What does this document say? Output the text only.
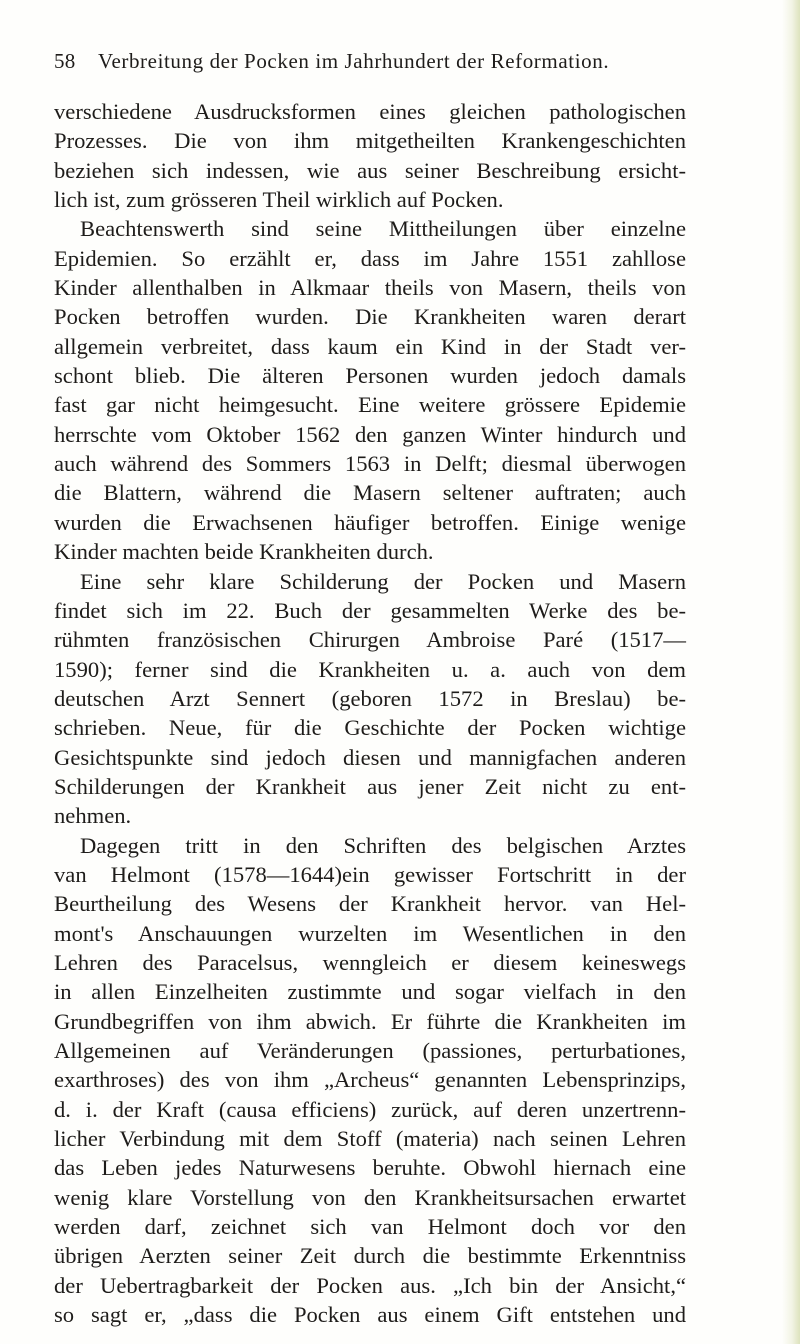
58 Verbreitung der Pocken im Jahrhundert der Reformation.
verschiedene Ausdrucksformen eines gleichen pathologischen
Prozesses. Die von ihm mitgetheilten Krankengeschichten
beziehen sich indessen, wie aus seiner Beschreibung ersicht-
lich ist, zum grösseren Theil wirklich auf Pocken.
Beachtenswerth sind seine Mittheilungen über einzelne
Epidemien. So erzählt er, dass im Jahre 1551 zahllose
Kinder allenthalben in Alkmaar theils von Masern, theils von
Pocken betroffen wurden. Die Krankheiten waren derart
allgemein verbreitet, dass kaum ein Kind in der Stadt ver-
schont blieb. Die älteren Personen wurden jedoch damals
fast gar nicht heimgesucht. Eine weitere grössere Epidemie
herrschte vom Oktober 1562 den ganzen Winter hindurch und
auch während des Sommers 1563 in Delft; diesmal überwogen
die Blattern, während die Masern seltener auftraten; auch
wurden die Erwachsenen häufiger betroffen. Einige wenige
Kinder machten beide Krankheiten durch.
Eine sehr klare Schilderung der Pocken und Masern
findet sich im 22. Buch der gesammelten Werke des be-
rühmten französischen Chirurgen Ambroise Paré (1517—
1590); ferner sind die Krankheiten u. a. auch von dem
deutschen Arzt Sennert (geboren 1572 in Breslau) be-
schrieben. Neue, für die Geschichte der Pocken wichtige
Gesichtspunkte sind jedoch diesen und mannigfachen anderen
Schilderungen der Krankheit aus jener Zeit nicht zu ent-
nehmen.
Dagegen tritt in den Schriften des belgischen Arztes
van Helmont (1578—1644)ein gewisser Fortschritt in der
Beurtheilung des Wesens der Krankheit hervor. van Hel-
mont's Anschauungen wurzelten im Wesentlichen in den
Lehren des Paracelsus, wenngleich er diesem keineswegs
in allen Einzelheiten zustimmte und sogar vielfach in den
Grundbegriffen von ihm abwich. Er führte die Krankheiten im
Allgemeinen auf Veränderungen (passiones, perturbationes,
exarthroses) des von ihm „Archeus“ genannten Lebensprinzips,
d. i. der Kraft (causa efficiens) zurück, auf deren unzertrenn-
licher Verbindung mit dem Stoff (materia) nach seinen Lehren
das Leben jedes Naturwesens beruhte. Obwohl hiernach eine
wenig klare Vorstellung von den Krankheitsursachen erwartet
werden darf, zeichnet sich van Helmont doch vor den
übrigen Aerzten seiner Zeit durch die bestimmte Erkenntniss
der Uebertragbarkeit der Pocken aus. „Ich bin der Ansicht,“
so sagt er, „dass die Pocken aus einem Gift entstehen und
